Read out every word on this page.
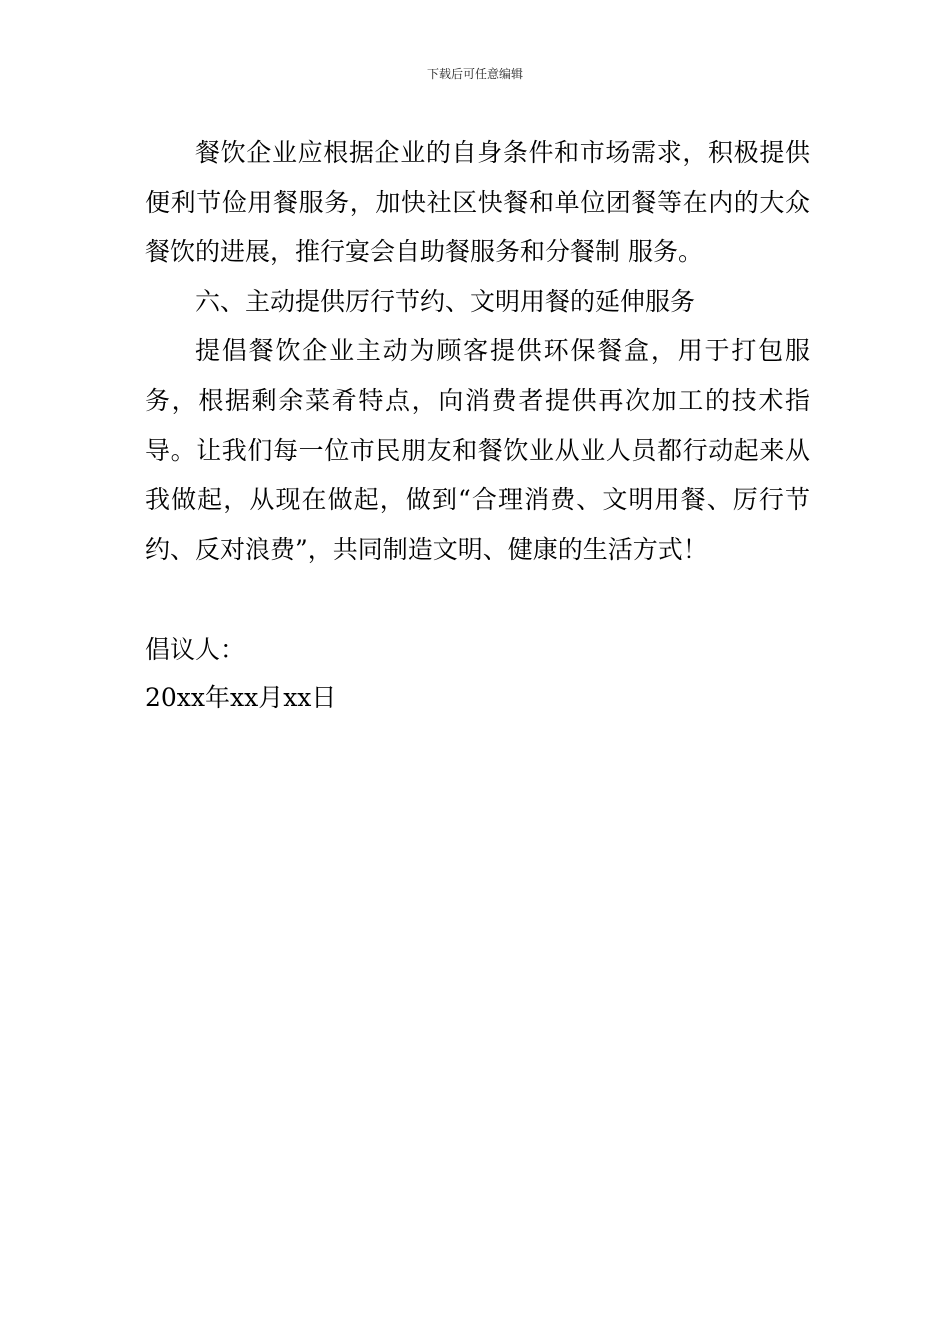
下载后可任意编辑

餐饮企业应根据企业的自身条件和市场需求，积极提供便利节俭用餐服务，加快社区快餐和单位团餐等在内的大众餐饮的进展，推行宴会自助餐服务和分餐制 服务。

六、主动提供厉行节约、文明用餐的延伸服务

提倡餐饮企业主动为顾客提供环保餐盒，用于打包服务，根据剩余菜肴特点，向消费者提供再次加工的技术指导。让我们每一位市民朋友和餐饮业从业人员都行动起来从我做起，从现在做起，做到“合理消费、文明用餐、厉行节约、反对浪费”，共同制造文明、健康的生活方式！

倡议人：
20xx年xx月xx日
